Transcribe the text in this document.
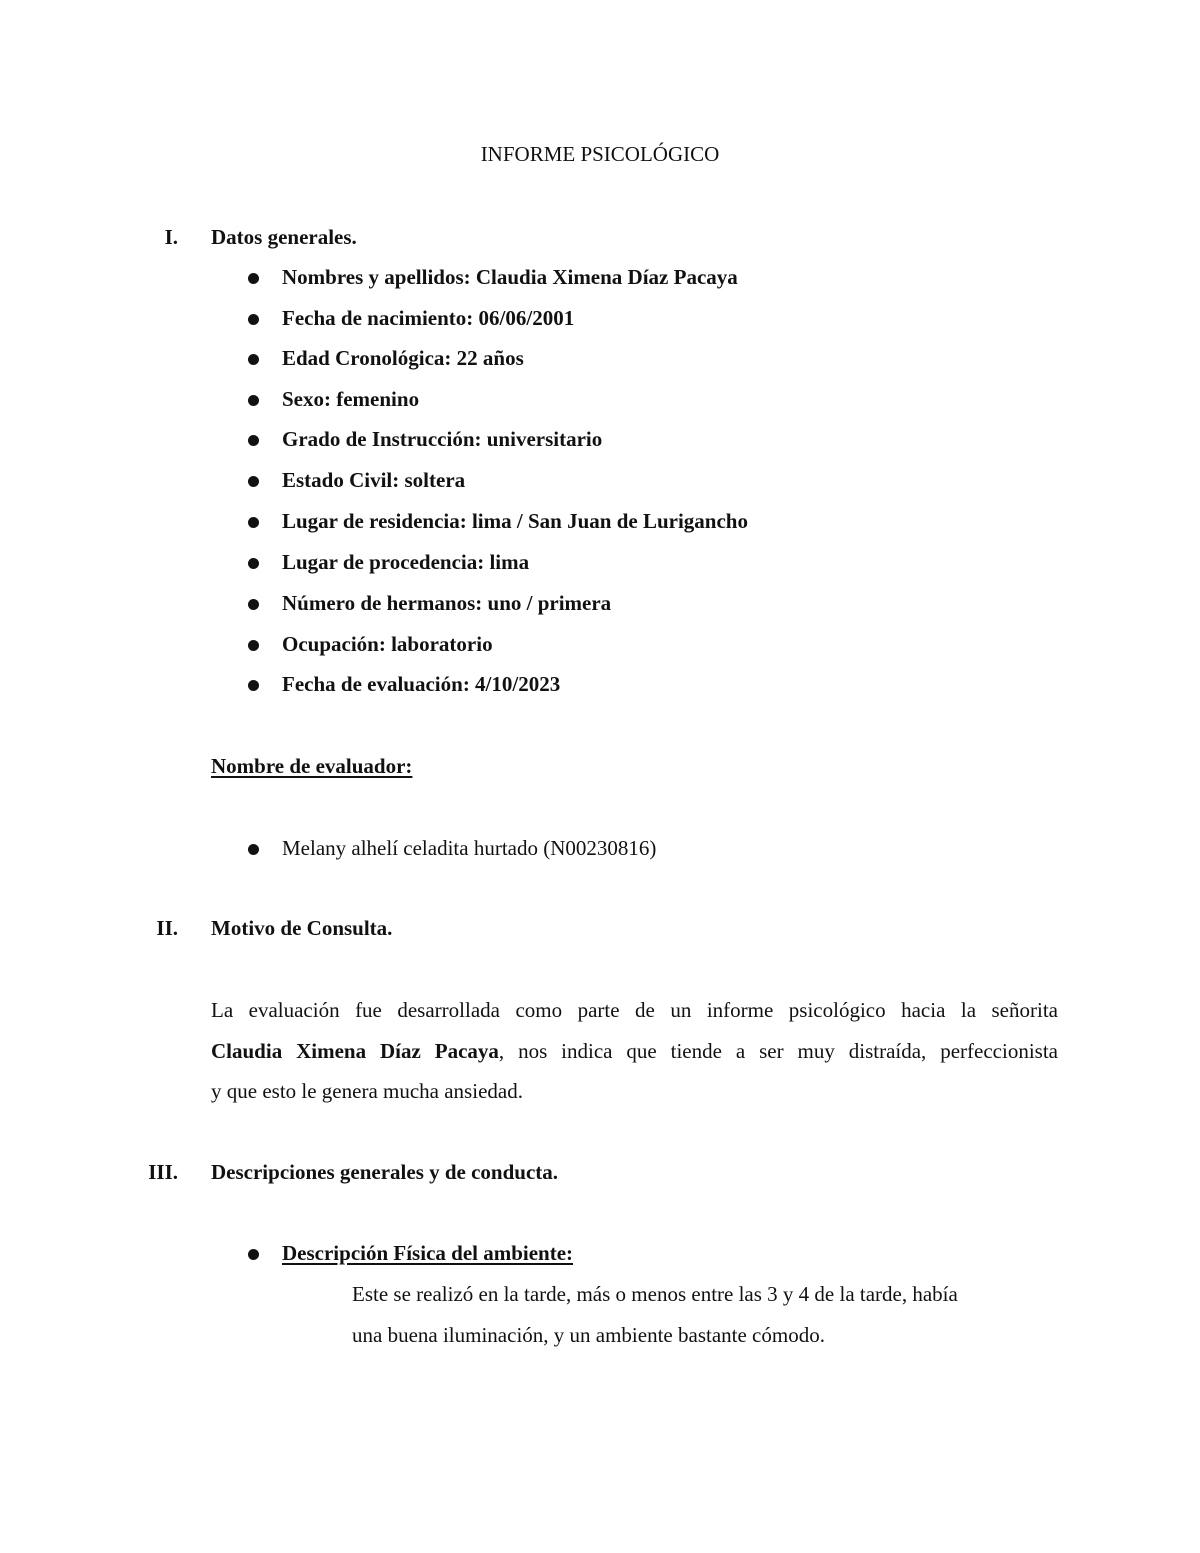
INFORME PSICOLÓGICO
I. Datos generales.
Nombres y apellidos: Claudia Ximena Díaz Pacaya
Fecha de nacimiento: 06/06/2001
Edad Cronológica: 22 años
Sexo: femenino
Grado de Instrucción: universitario
Estado Civil: soltera
Lugar de residencia: lima / San Juan de Lurigancho
Lugar de procedencia: lima
Número de hermanos: uno / primera
Ocupación: laboratorio
Fecha de evaluación: 4/10/2023
Nombre de evaluador:
Melany alhelí celadita hurtado (N00230816)
II. Motivo de Consulta.
La evaluación fue desarrollada como parte de un informe psicológico hacia la señorita
Claudia Ximena Díaz Pacaya, nos indica que tiende a ser muy distraída, perfeccionista
y que esto le genera mucha ansiedad.
III. Descripciones generales y de conducta.
Descripción Física del ambiente:
Este se realizó en la tarde, más o menos entre las 3 y 4 de la tarde, había
una buena iluminación, y un ambiente bastante cómodo.
